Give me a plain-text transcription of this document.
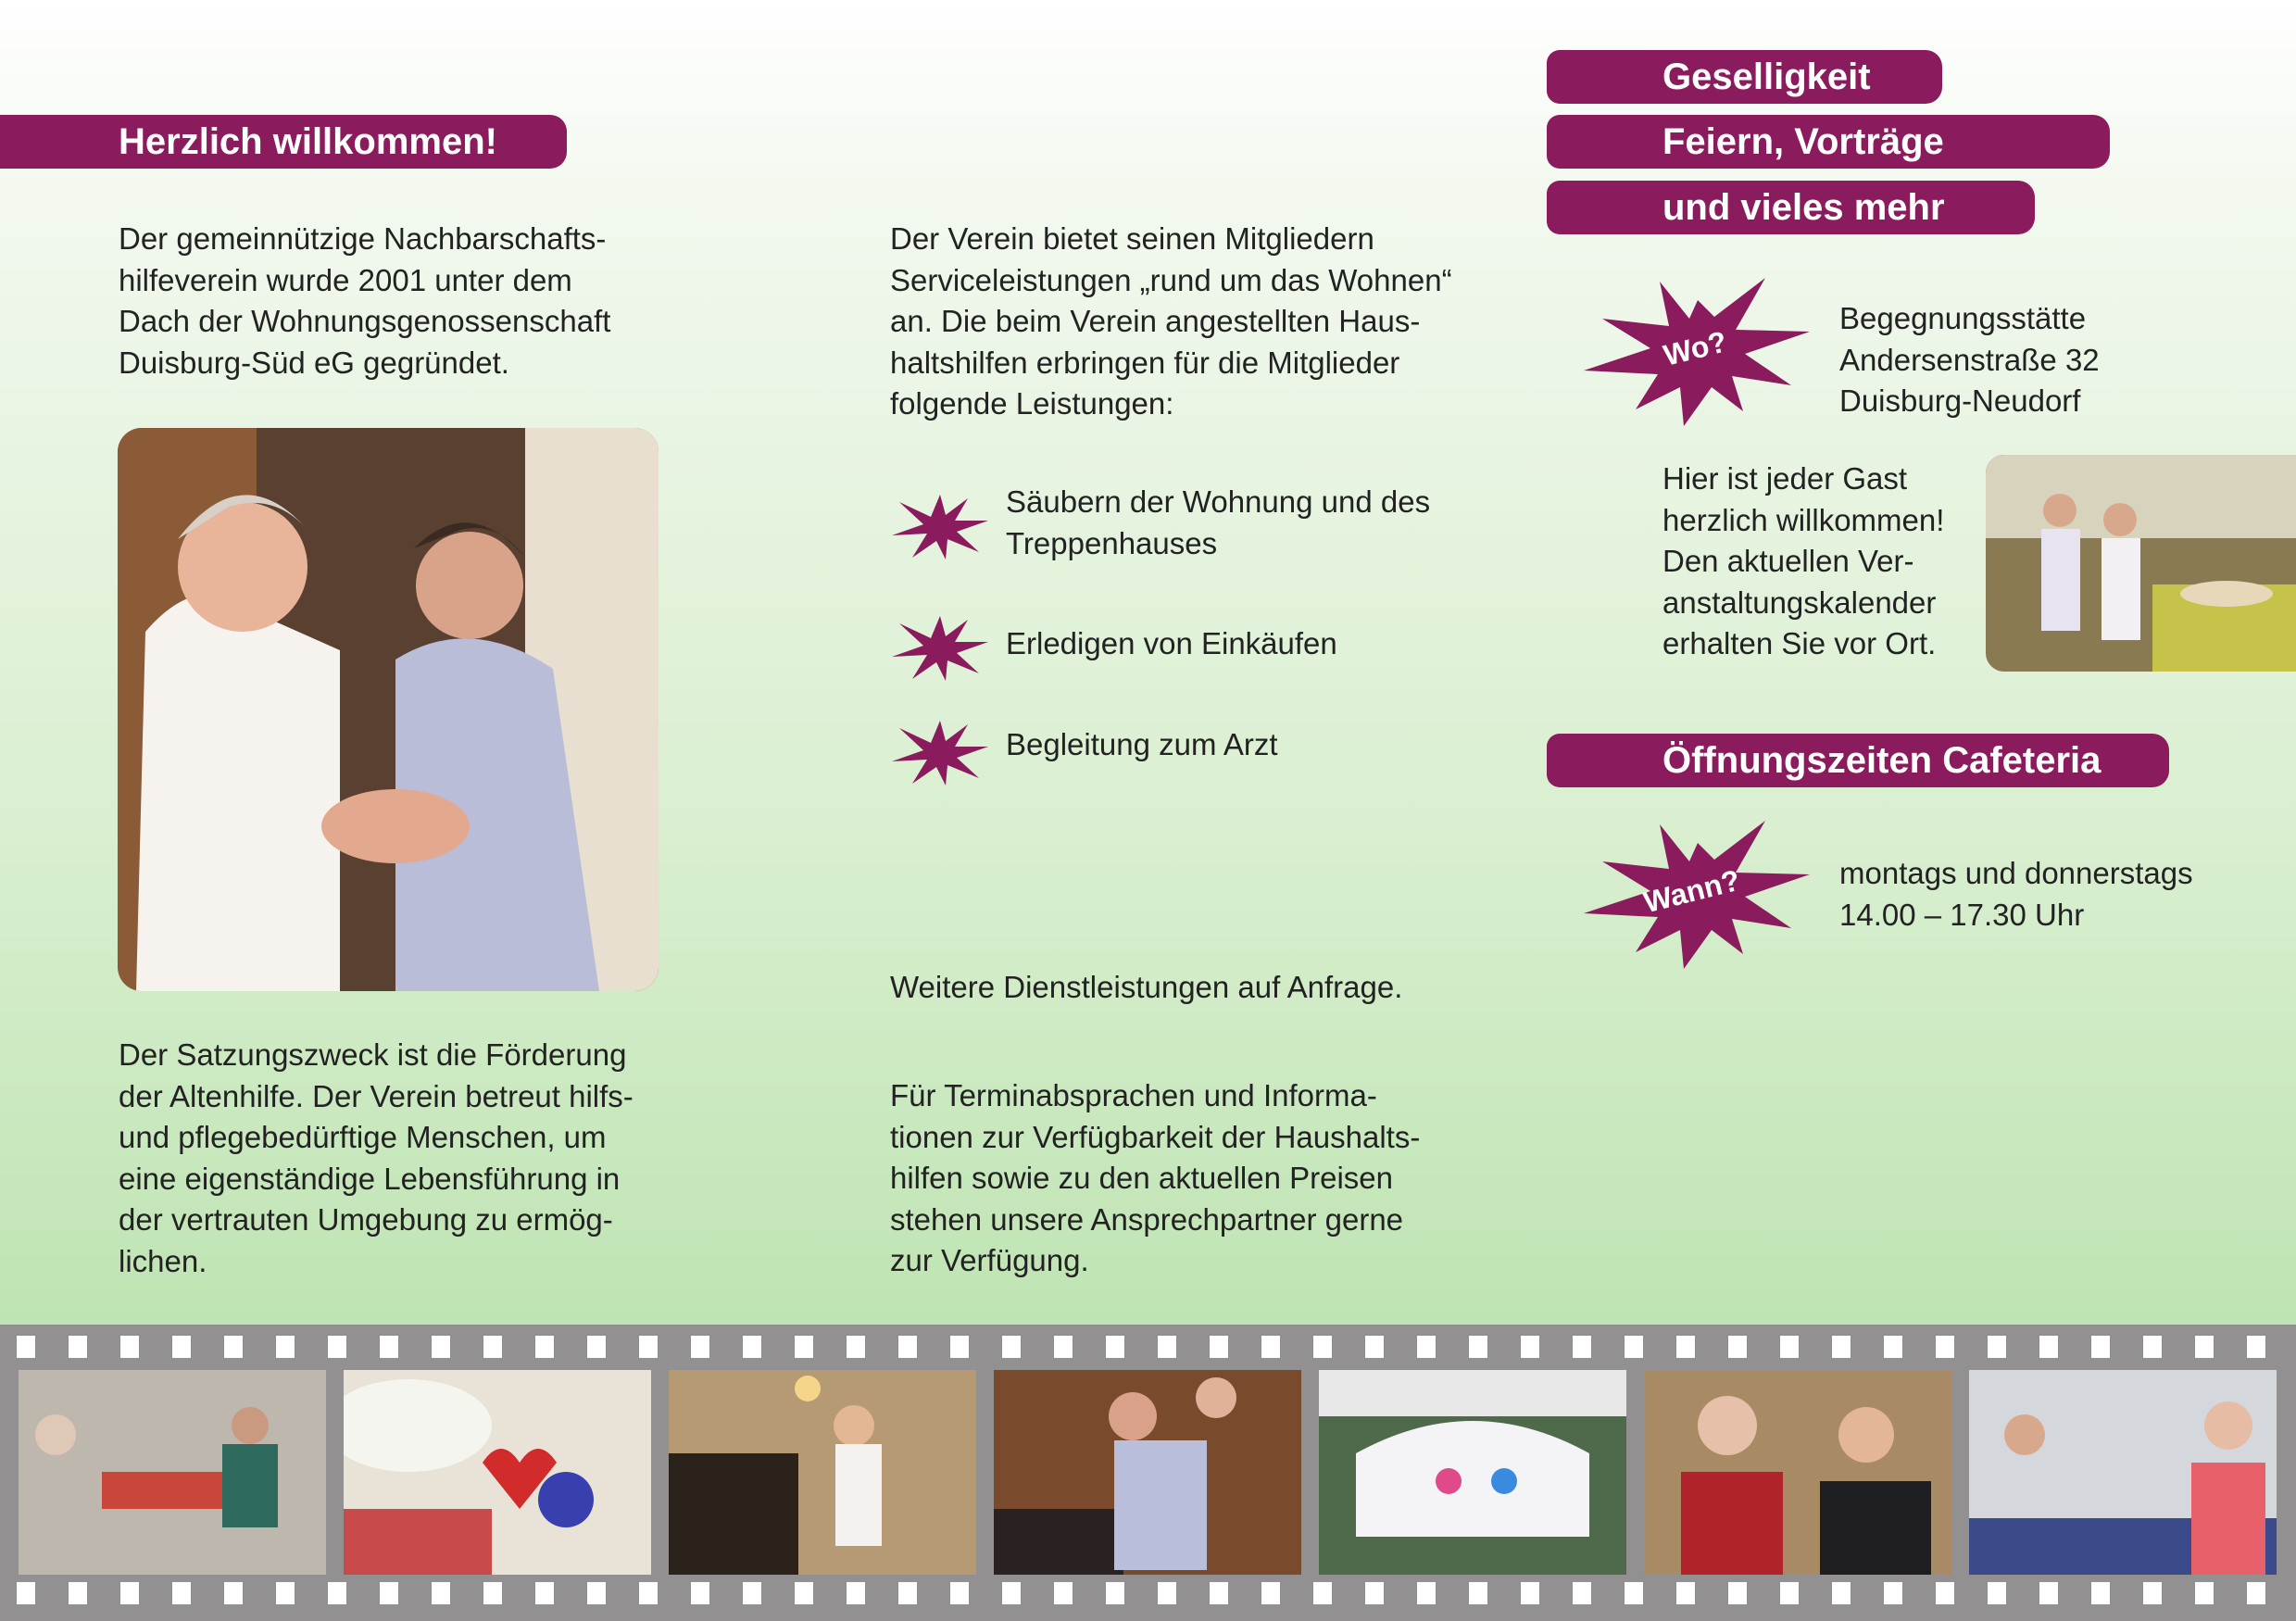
Herzlich willkommen!
Der gemeinnützige Nachbarschafts-
hilfeverein wurde 2001 unter dem
Dach der Wohnungsgenossenschaft
Duisburg-Süd eG gegründet.
Der Satzungszweck ist die Förderung
der Altenhilfe. Der Verein betreut hilfs-
und pflegebedürftige Menschen, um
eine eigenständige Lebensführung in
der vertrauten Umgebung zu ermög-
lichen.
Der Verein bietet seinen Mitgliedern
Serviceleistungen „rund um das Wohnen“
an. Die beim Verein angestellten Haus-
haltshilfen erbringen für die Mitglieder
folgende Leistungen:
Säubern der Wohnung und des
Treppenhauses
Erledigen von Einkäufen
Begleitung zum Arzt
Weitere Dienstleistungen auf Anfrage.
Für Terminabsprachen und Informa-
tionen zur Verfügbarkeit der Haushalts-
hilfen sowie zu den aktuellen Preisen
stehen unsere Ansprechpartner gerne
zur Verfügung.
Geselligkeit
Feiern, Vorträge
und vieles mehr
Wo?
Begegnungsstätte
Andersenstraße 32
Duisburg-Neudorf
Hier ist jeder Gast
herzlich willkommen!
Den aktuellen Ver-
anstaltungskalender
erhalten Sie vor Ort.
Öffnungszeiten Cafeteria
Wann?	montags und donnerstags
14.00 – 17.30 Uhr
